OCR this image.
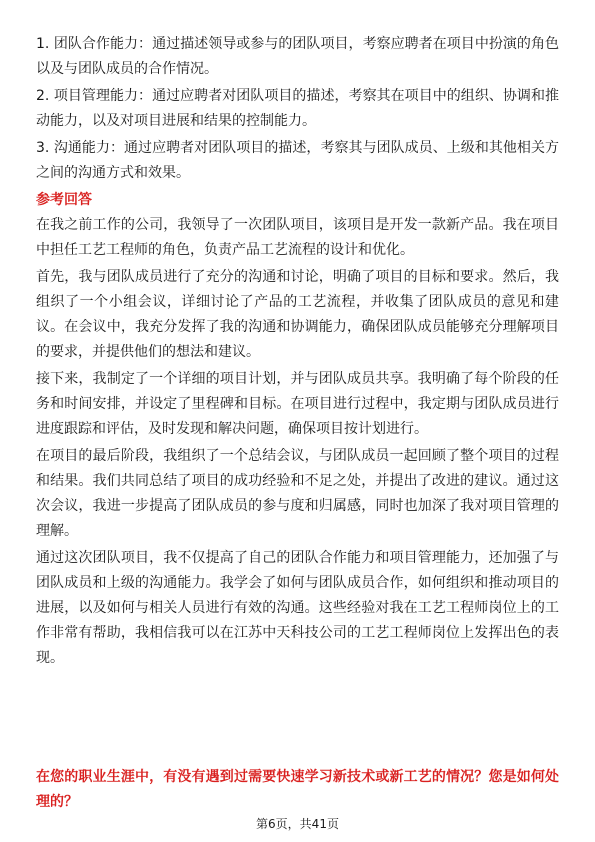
1. 团队合作能力：通过描述领导或参与的团队项目，考察应聘者在项目中扮演的角色以及与团队成员的合作情况。

2. 项目管理能力：通过应聘者对团队项目的描述，考察其在项目中的组织、协调和推动能力，以及对项目进展和结果的控制能力。

3. 沟通能力：通过应聘者对团队项目的描述，考察其与团队成员、上级和其他相关方之间的沟通方式和效果。

参考回答

在我之前工作的公司，我领导了一次团队项目，该项目是开发一款新产品。我在项目中担任工艺工程师的角色，负责产品工艺流程的设计和优化。

首先，我与团队成员进行了充分的沟通和讨论，明确了项目的目标和要求。然后，我组织了一个小组会议，详细讨论了产品的工艺流程，并收集了团队成员的意见和建议。在会议中，我充分发挥了我的沟通和协调能力，确保团队成员能够充分理解项目的要求，并提供他们的想法和建议。

接下来，我制定了一个详细的项目计划，并与团队成员共享。我明确了每个阶段的任务和时间安排，并设定了里程碑和目标。在项目进行过程中，我定期与团队成员进行进度跟踪和评估，及时发现和解决问题，确保项目按计划进行。

在项目的最后阶段，我组织了一个总结会议，与团队成员一起回顾了整个项目的过程和结果。我们共同总结了项目的成功经验和不足之处，并提出了改进的建议。通过这次会议，我进一步提高了团队成员的参与度和归属感，同时也加深了我对项目管理的理解。

通过这次团队项目，我不仅提高了自己的团队合作能力和项目管理能力，还加强了与团队成员和上级的沟通能力。我学会了如何与团队成员合作，如何组织和推动项目的进展，以及如何与相关人员进行有效的沟通。这些经验对我在工艺工程师岗位上的工作非常有帮助，我相信我可以在江苏中天科技公司的工艺工程师岗位上发挥出色的表现。

在您的职业生涯中，有没有遇到过需要快速学习新技术或新工艺的情况？您是如何处理的？

第6页，共41页
